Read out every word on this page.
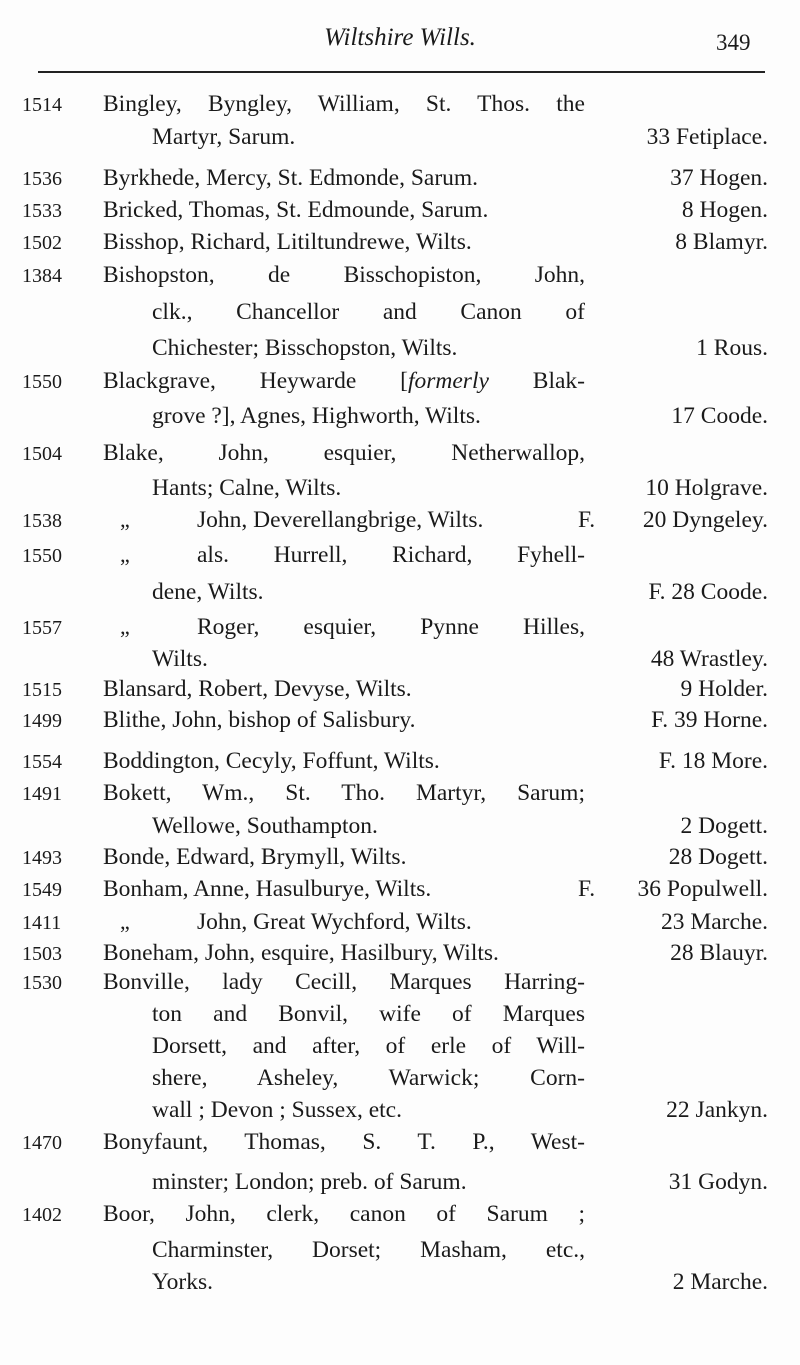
Wiltshire Wills.	349
1514 Bingley, Byngley, William, St. Thos. the
Martyr, Sarum.	33 Fetiplace.
1536 Byrkhede, Mercy, St. Edmonde, Sarum.	37 Hogen.
1533 Bricked, Thomas, St. Edmounde, Sarum.	8 Hogen.
1502 Bisshop, Richard, Litiltundrewe, Wilts.	8 Blamyr.
1384 Bishopston, de Bisschopiston, John,
clk., Chancellor and Canon of
Chichester; Bisschopston, Wilts.	1 Rous.
1550 Blackgrave, Heywarde [formerly Blak-
grove ?], Agnes, Highworth, Wilts.	17 Coode.
1504 Blake, John, esquier, Netherwallop,
Hants; Calne, Wilts.	10 Holgrave.
1538	„	John, Deverellangbrige, Wilts.	F. 20 Dyngeley.
1550	„	als. Hurrell, Richard, Fyhell-
dene, Wilts.	F. 28 Coode.
1557	„	Roger, esquier, Pynne Hilles,
Wilts.	48 Wrastley.
1515 Blansard, Robert, Devyse, Wilts.	9 Holder.
1499 Blithe, John, bishop of Salisbury.	F. 39 Horne.
1554 Boddington, Cecyly, Foffunt, Wilts.	F. 18 More.
1491 Bokett, Wm., St. Tho. Martyr, Sarum;
Wellowe, Southampton.	2 Dogett.
1493 Bonde, Edward, Brymyll, Wilts.	28 Dogett.
1549 Bonham, Anne, Hasulburye, Wilts.	F. 36 Populwell.
1411	„	John, Great Wychford, Wilts.	23 Marche.
1503 Boneham, John, esquire, Hasilbury, Wilts.	28 Blauyr.
1530 Bonville, lady Cecill, Marques Harring-
ton and Bonvil, wife of Marques
Dorsett, and after, of erle of Will-
shere, Asheley, Warwick; Corn-
wall ; Devon ; Sussex, etc.	22 Jankyn.
1470 Bonyfaunt, Thomas, S. T. P., West-
minster; London; preb. of Sarum.	31 Godyn.
1402 Boor, John, clerk, canon of Sarum ;
Charminster, Dorset; Masham, etc.,
Yorks.	2 Marche.
